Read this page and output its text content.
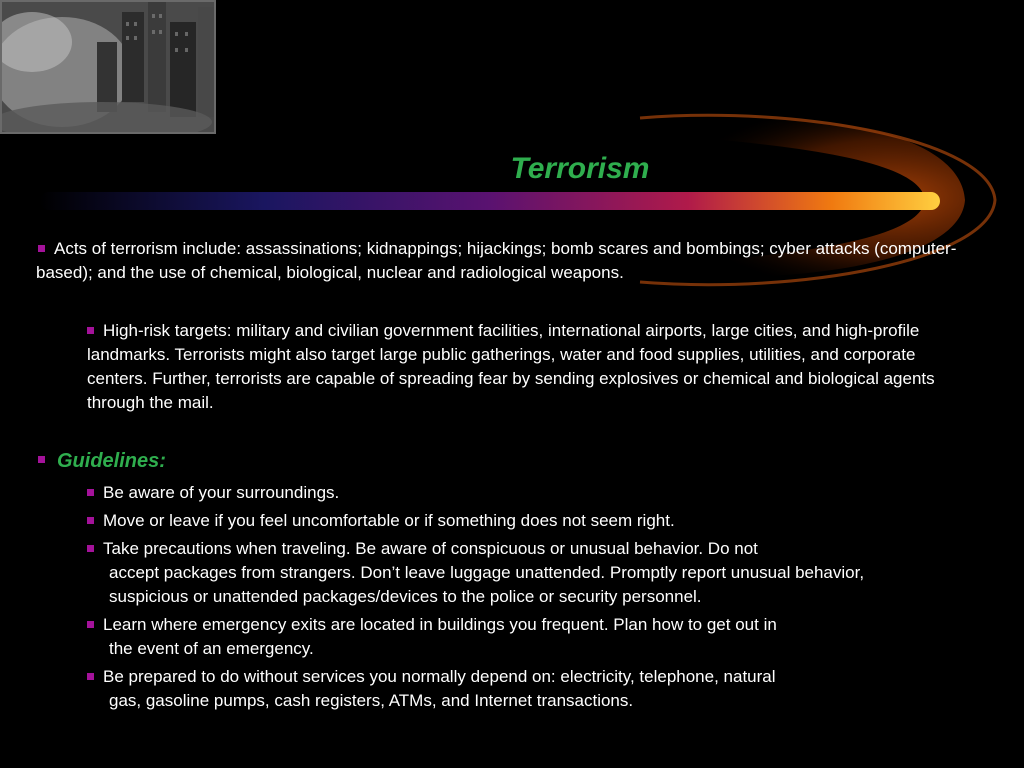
Terrorism
Acts of terrorism include: assassinations; kidnappings; hijackings; bomb scares and bombings; cyber attacks (computer-based); and the use of chemical, biological, nuclear and radiological weapons.
High-risk targets: military and civilian government facilities, international airports, large cities, and high-profile landmarks. Terrorists might also target large public gatherings, water and food supplies, utilities, and corporate centers. Further, terrorists are capable of spreading fear by sending explosives or chemical and biological agents through the mail.
Guidelines:
Be aware of your surroundings.
Move or leave if you feel uncomfortable or if something does not seem right.
Take precautions when traveling. Be aware of conspicuous or unusual behavior. Do not
accept packages from strangers. Don’t leave luggage unattended. Promptly report unusual behavior, suspicious or unattended packages/devices to the police or security personnel.
Learn where emergency exits are located in buildings you frequent. Plan how to get out in
the event of an emergency.
Be prepared to do without services you normally depend on: electricity, telephone, natural
gas, gasoline pumps, cash registers, ATMs, and Internet transactions.
